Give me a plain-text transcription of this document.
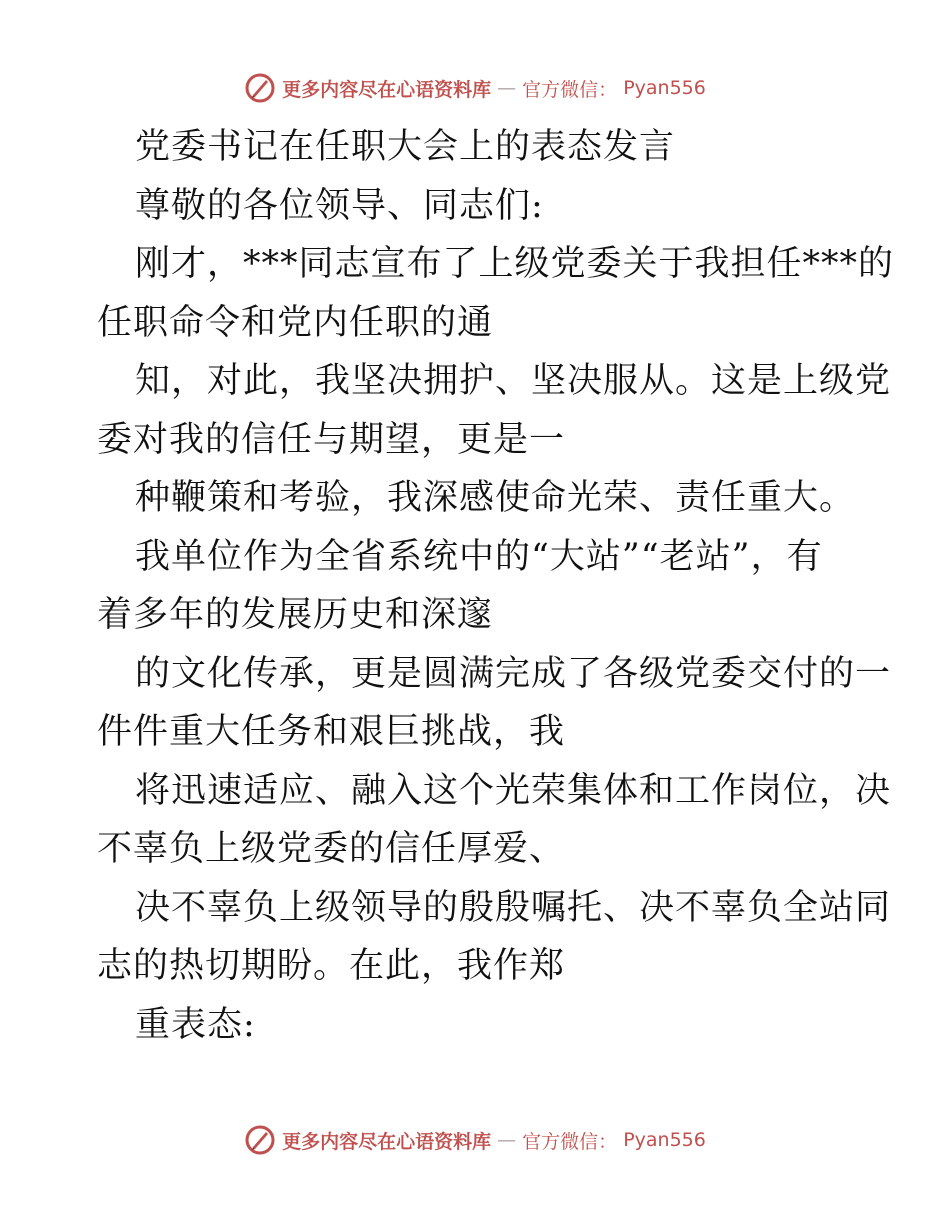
更多内容尽在心语资料库 — 官方微信： Pyan556
党委书记在任职大会上的表态发言
尊敬的各位领导、同志们:
刚才，***同志宣布了上级党委关于我担任***的
任职命令和党内任职的通
知，对此，我坚决拥护、坚决服从。这是上级党
委对我的信任与期望，更是一
种鞭策和考验，我深感使命光荣、责任重大。
我单位作为全省系统中的“大站”“老站”，有
着多年的发展历史和深邃
的文化传承，更是圆满完成了各级党委交付的一
件件重大任务和艰巨挑战，我
将迅速适应、融入这个光荣集体和工作岗位，决
不辜负上级党委的信任厚爱、
决不辜负上级领导的殷殷嘱托、决不辜负全站同
志的热切期盼。在此，我作郑
重表态:
更多内容尽在心语资料库 — 官方微信： Pyan556
